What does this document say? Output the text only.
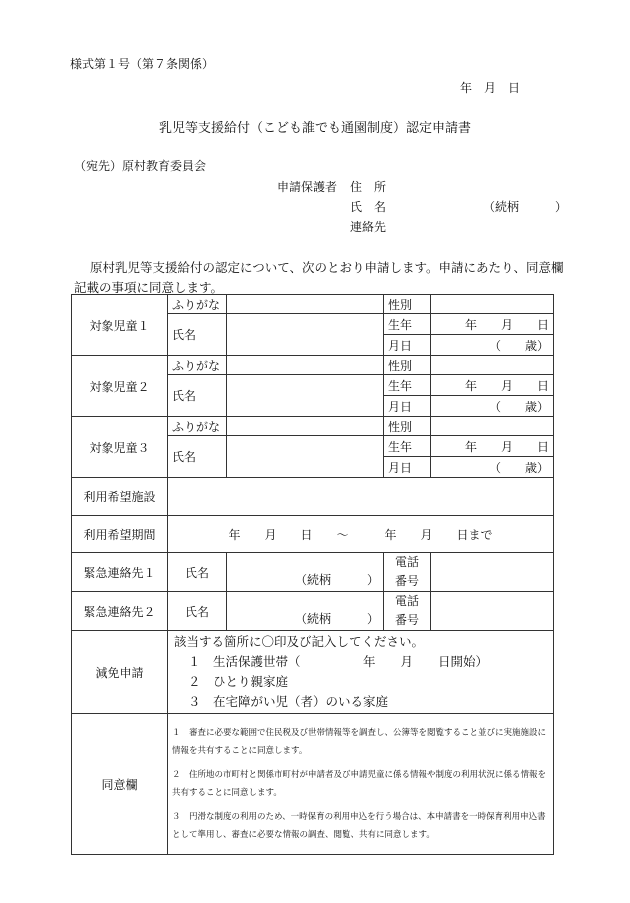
様式第１号（第７条関係）
年　月　日
乳児等支援給付（こども誰でも通園制度）認定申請書
（宛先）原村教育委員会
申請保護者 住　所
氏　名	（続柄　　　）
連絡先
原村乳児等支援給付の認定について、次のとおり申請します。申請にあたり、同意欄記載の事項に同意します。
対象児童１	ふりがな		性別	
	氏名		生年	年　　月　　日
			月日	（　　歳）
対象児童２	ふりがな		性別	
	氏名		生年	年　　月　　日
			月日	（　　歳）
対象児童３	ふりがな		性別	
	氏名		生年	年　　月　　日
			月日	（　　歳）
利用希望施設				
利用希望期間	年　　月　　日　　～　　　年　　月　　日まで			
緊急連絡先１	氏名	（続柄　　　）	電話
番号	
緊急連絡先２	氏名	（続柄　　　）	電話
番号	
減免申請	該当する箇所に〇印及び記入してください。
１　生活保護世帯（　　　　　年　　月　　日開始）
２　ひとり親家庭
３　在宅障がい児（者）のいる家庭			

同意欄	１　審査に必要な範囲で住民税及び世帯情報等を調査し、公簿等を閲覧すること並びに実施施設に情報を共有することに同意します。

２　住所地の市町村と関係市町村が申請者及び申請児童に係る情報や制度の利用状況に係る情報を共有することに同意します。

３　円滑な制度の利用のため、一時保育の利用申込を行う場合は、本申請書を一時保育利用申込書として準用し、審査に必要な情報の調査、閲覧、共有に同意します。			
